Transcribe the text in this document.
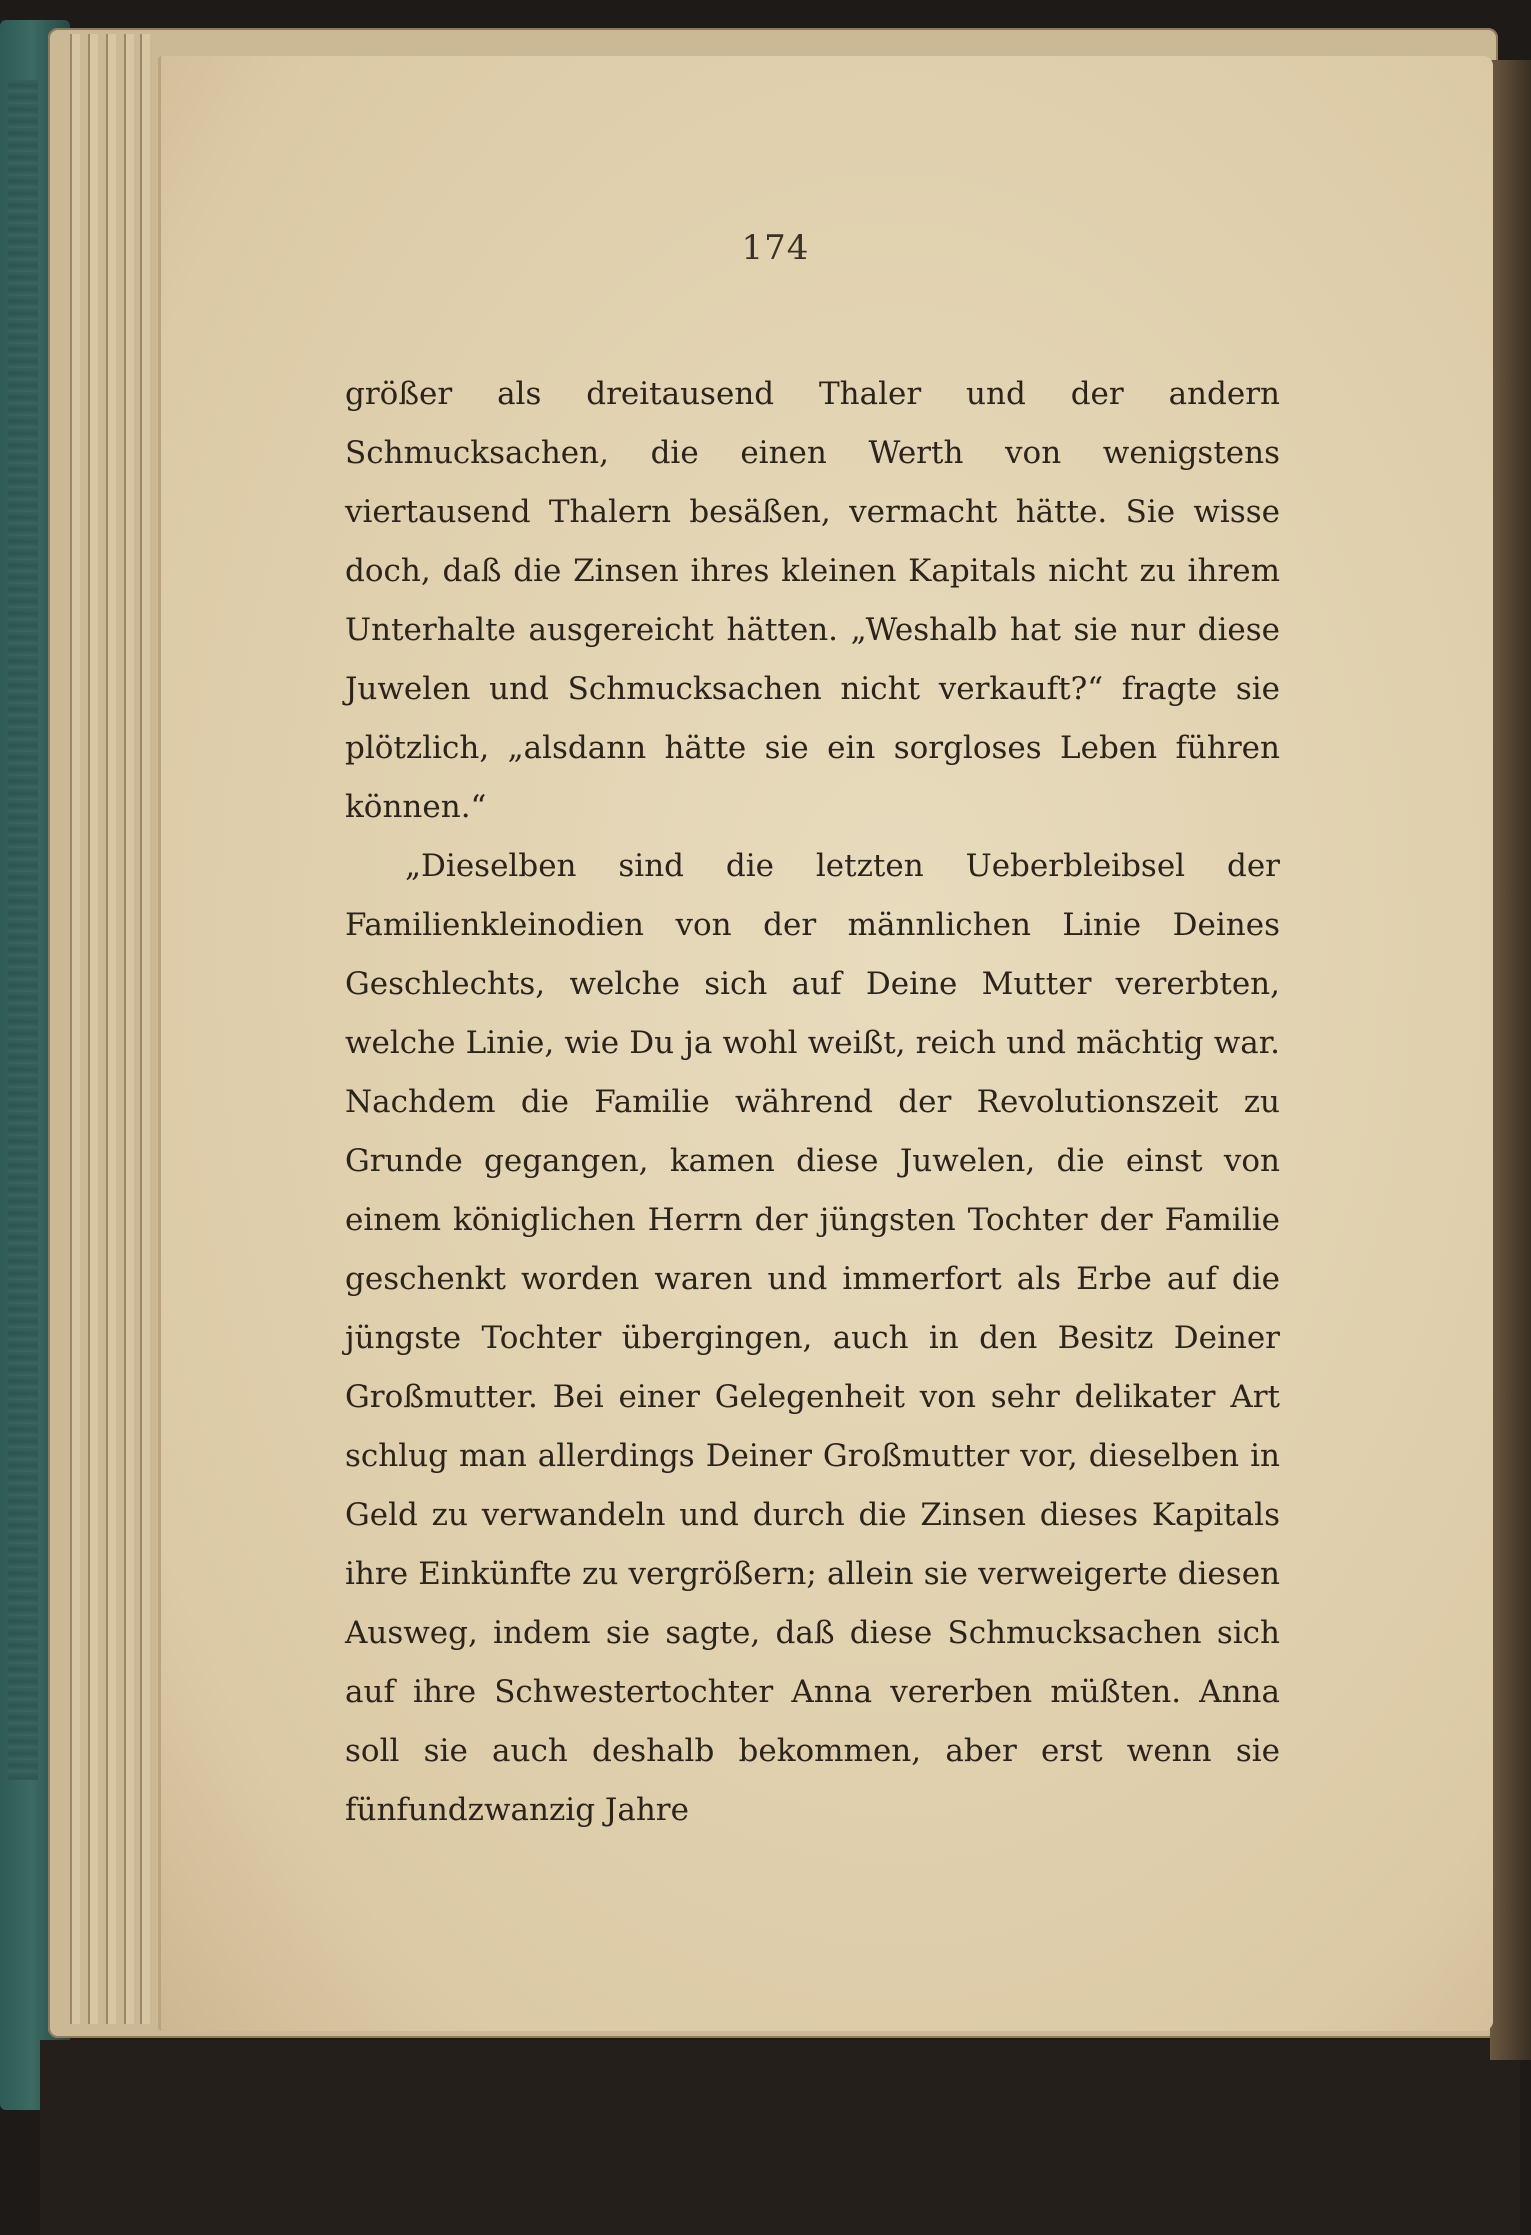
174

größer als dreitausend Thaler und der andern Schmucksachen, die einen Werth von wenigstens viertausend Thalern besäßen, vermacht hätte. Sie wisse doch, daß die Zinsen ihres kleinen Kapitals nicht zu ihrem Unterhalte ausgereicht hätten. „Weshalb hat sie nur diese Juwelen und Schmucksachen nicht verkauft?“ fragte sie plötzlich, „alsdann hätte sie ein sorgloses Leben führen können.“

„Dieselben sind die letzten Ueberbleibsel der Familienkleinodien von der männlichen Linie Deines Geschlechts, welche sich auf Deine Mutter vererbten, welche Linie, wie Du ja wohl weißt, reich und mächtig war. Nachdem die Familie während der Revolutionszeit zu Grunde gegangen, kamen diese Juwelen, die einst von einem königlichen Herrn der jüngsten Tochter der Familie geschenkt worden waren und immerfort als Erbe auf die jüngste Tochter übergingen, auch in den Besitz Deiner Großmutter. Bei einer Gelegenheit von sehr delikater Art schlug man allerdings Deiner Großmutter vor, dieselben in Geld zu verwandeln und durch die Zinsen dieses Kapitals ihre Einkünfte zu vergrößern; allein sie verweigerte diesen Ausweg, indem sie sagte, daß diese Schmucksachen sich auf ihre Schwestertochter Anna vererben müßten. Anna soll sie auch deshalb bekommen, aber erst wenn sie fünfundzwanzig Jahre
